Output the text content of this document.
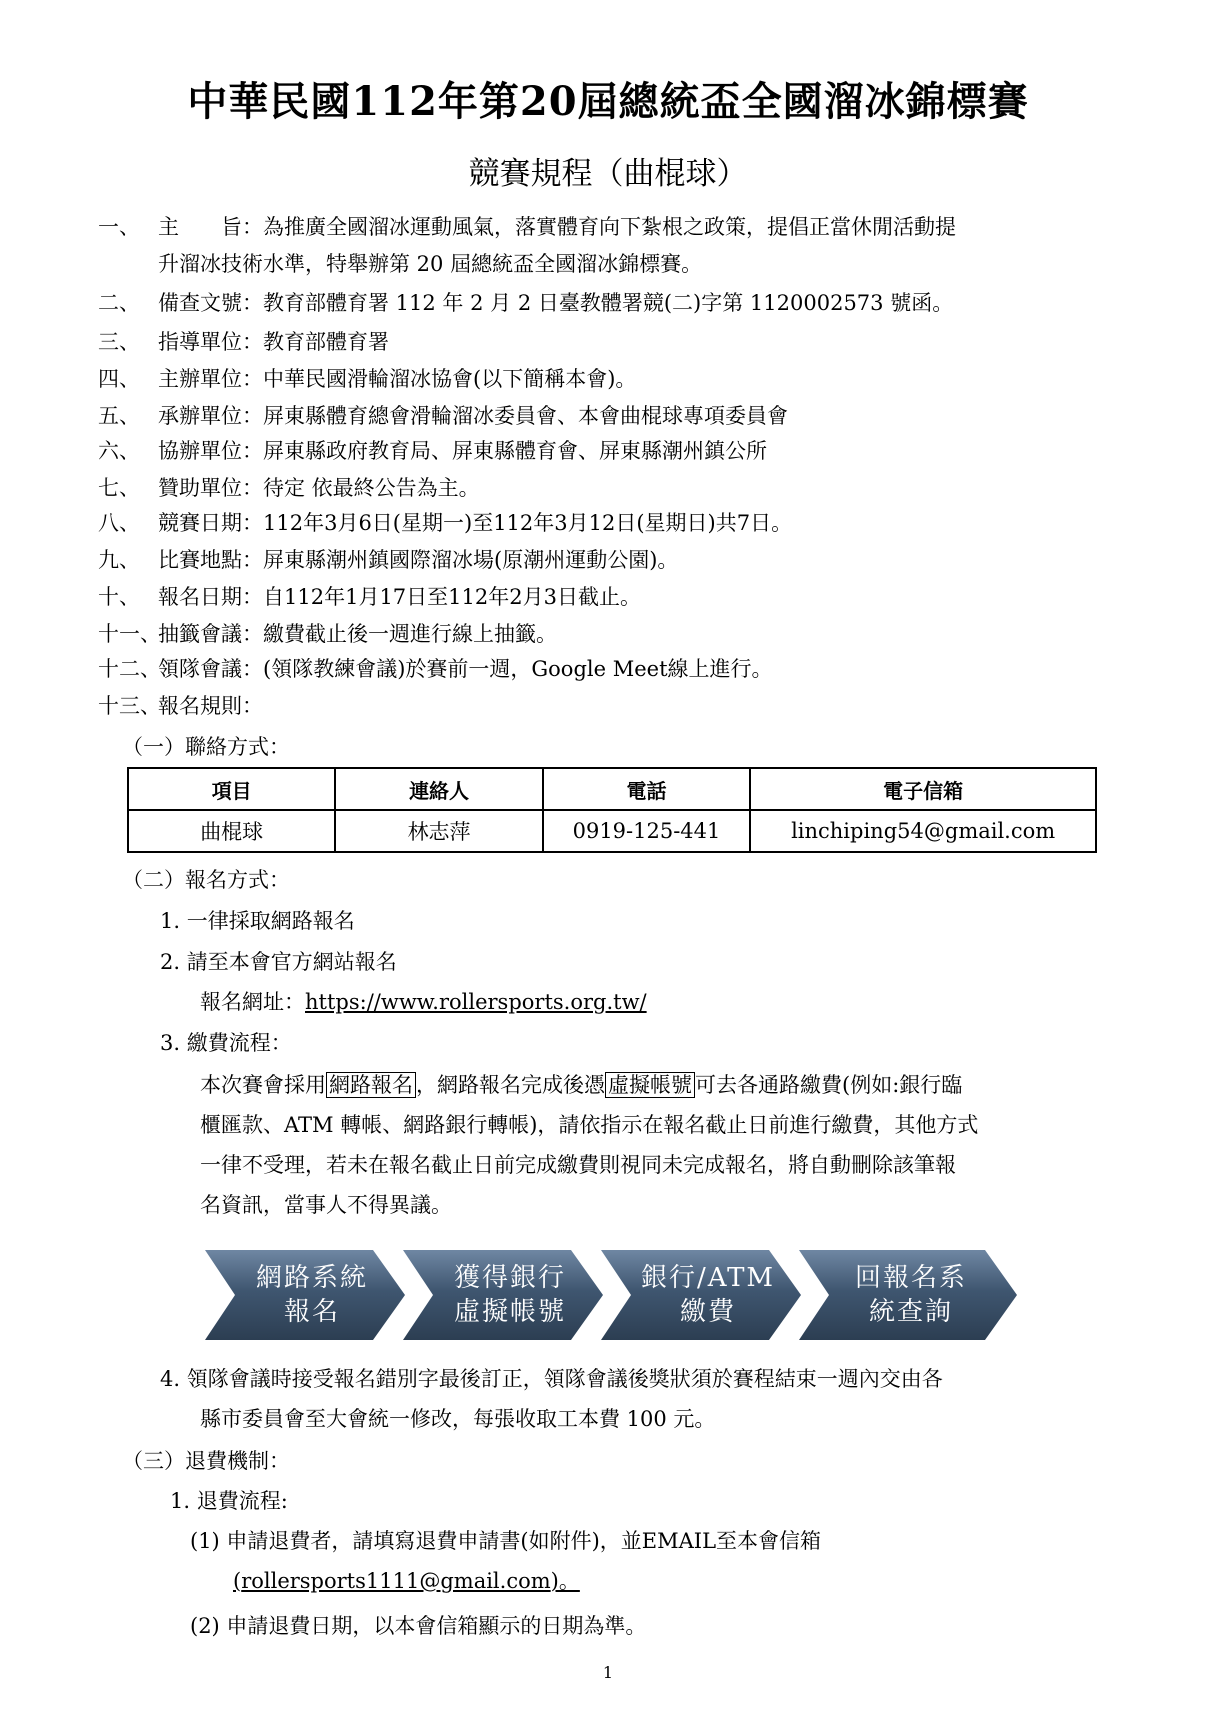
中華民國112年第20屆總統盃全國溜冰錦標賽
競賽規程（曲棍球）
一、 主　　旨：為推廣全國溜冰運動風氣，落實體育向下紮根之政策，提倡正當休閒活動提
升溜冰技術水準，特舉辦第 20 屆總統盃全國溜冰錦標賽。
二、 備查文號：教育部體育署 112 年 2 月 2 日臺教體署競(二)字第 1120002573 號函。
三、 指導單位：教育部體育署
四、 主辦單位：中華民國滑輪溜冰協會(以下簡稱本會)。
五、 承辦單位：屏東縣體育總會滑輪溜冰委員會、本會曲棍球專項委員會
六、 協辦單位：屏東縣政府教育局、屏東縣體育會、屏東縣潮州鎮公所
七、 贊助單位：待定 依最終公告為主。
八、 競賽日期：112年3月6日(星期一)至112年3月12日(星期日)共7日。
九、 比賽地點：屏東縣潮州鎮國際溜冰場(原潮州運動公園)。
十、 報名日期：自112年1月17日至112年2月3日截止。
十一、抽籤會議：繳費截止後一週進行線上抽籤。
十二、領隊會議：(領隊教練會議)於賽前一週，Google Meet線上進行。
十三、報名規則：
（一）聯絡方式：
項目	連絡人	電話	電子信箱
曲棍球	林志萍	0919-125-441	linchiping54@gmail.com
（二）報名方式：
1. 一律採取網路報名
2. 請至本會官方網站報名
報名網址：https://www.rollersports.org.tw/
3. 繳費流程：
本次賽會採用 網路報名 ，網路報名完成後憑 虛擬帳號 可去各通路繳費(例如:銀行臨
櫃匯款、ATM 轉帳、網路銀行轉帳)，請依指示在報名截止日前進行繳費，其他方式
一律不受理，若未在報名截止日前完成繳費則視同未完成報名，將自動刪除該筆報
名資訊，當事人不得異議。
網路系統
報名
獲得銀行
虛擬帳號
銀行/ATM
繳費
回報名系
統查詢
4. 領隊會議時接受報名錯別字最後訂正，領隊會議後獎狀須於賽程結束一週內交由各
縣市委員會至大會統一修改，每張收取工本費 100 元。
（三）退費機制：
1. 退費流程:
(1) 申請退費者，請填寫退費申請書(如附件)，並EMAIL至本會信箱
(rollersports1111@gmail.com)。
(2) 申請退費日期，以本會信箱顯示的日期為準。
1
